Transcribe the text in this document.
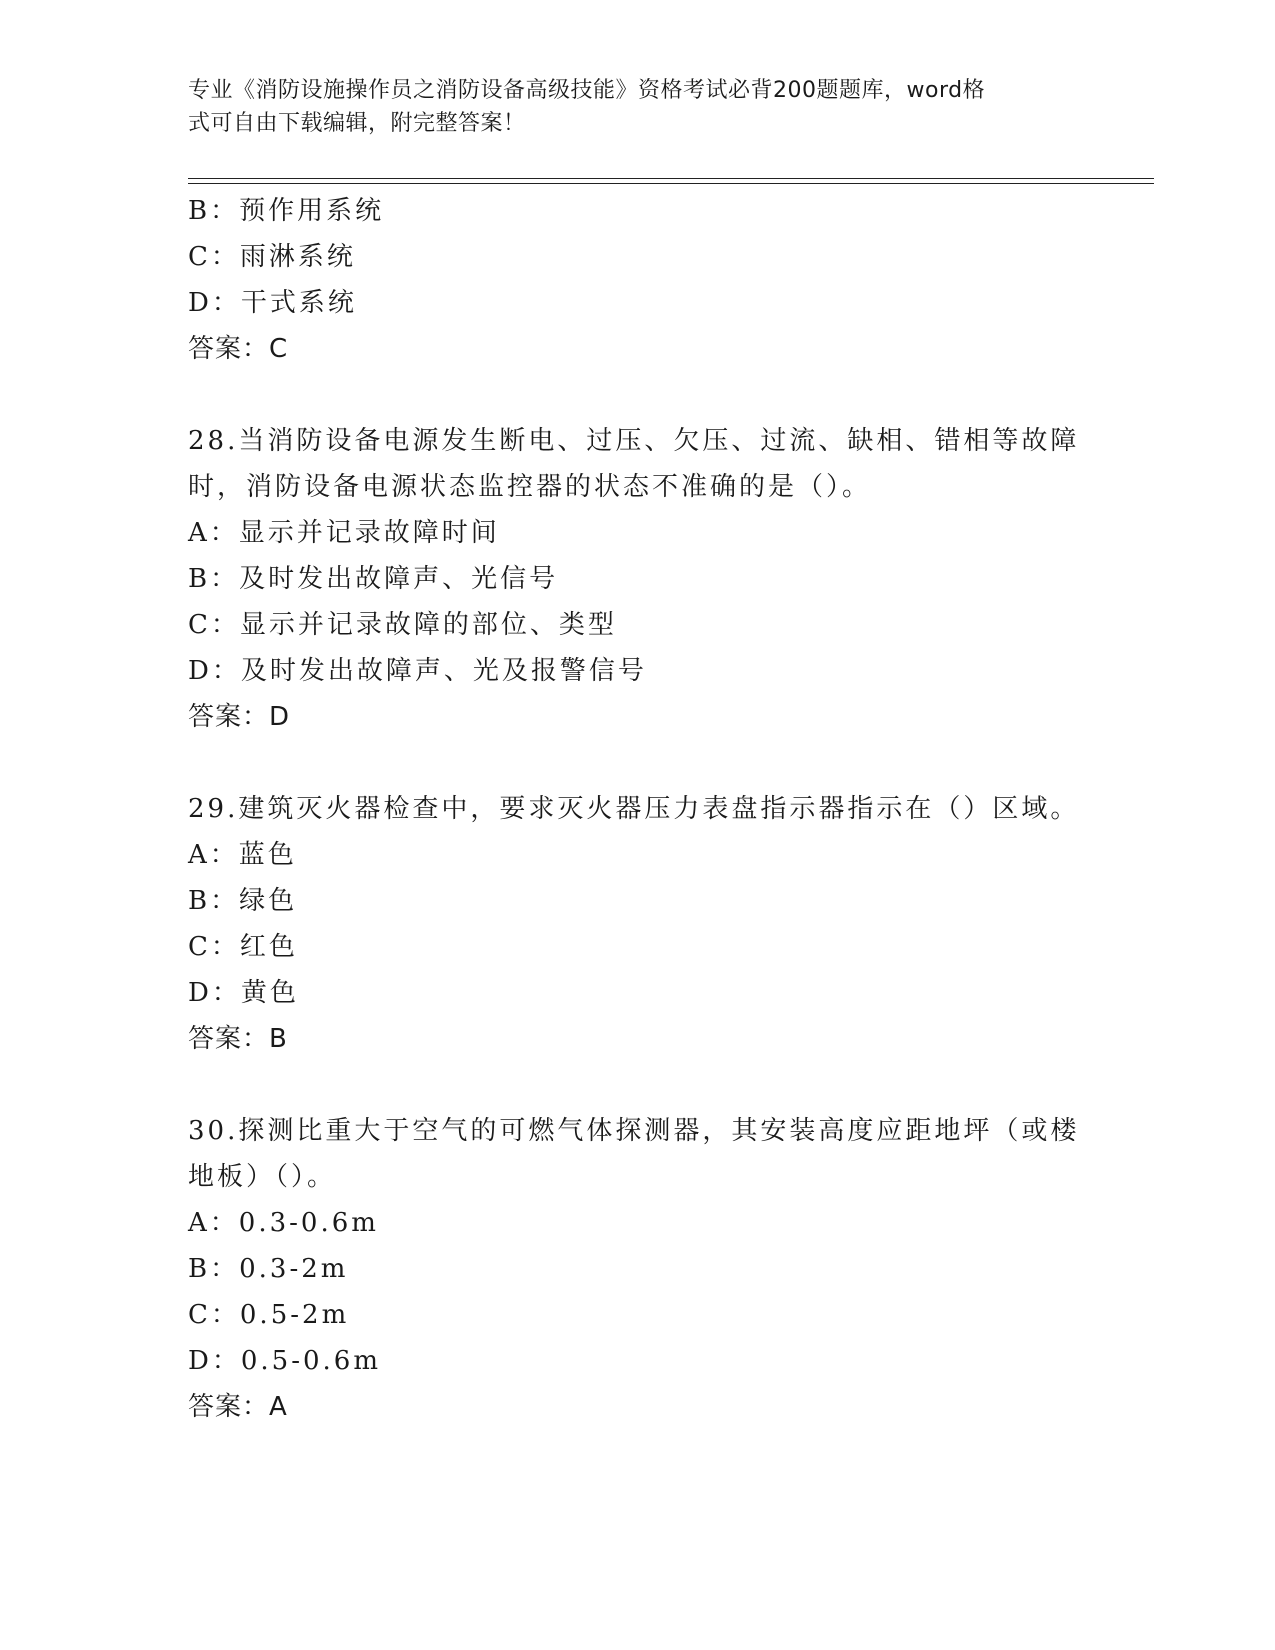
专业《消防设施操作员之消防设备高级技能》资格考试必背200题题库，word格
式可自由下载编辑，附完整答案！
B：预作用系统
C：雨淋系统
D：干式系统
答案：C
28.当消防设备电源发生断电、过压、欠压、过流、缺相、错相等故障
时，消防设备电源状态监控器的状态不准确的是（）。
A：显示并记录故障时间
B：及时发出故障声、光信号
C：显示并记录故障的部位、类型
D：及时发出故障声、光及报警信号
答案：D
29.建筑灭火器检查中，要求灭火器压力表盘指示器指示在（）区域。
A：蓝色
B：绿色
C：红色
D：黄色
答案：B
30.探测比重大于空气的可燃气体探测器，其安装高度应距地坪（或楼
地板）（）。
A：0.3-0.6m
B：0.3-2m
C：0.5-2m
D：0.5-0.6m
答案：A
